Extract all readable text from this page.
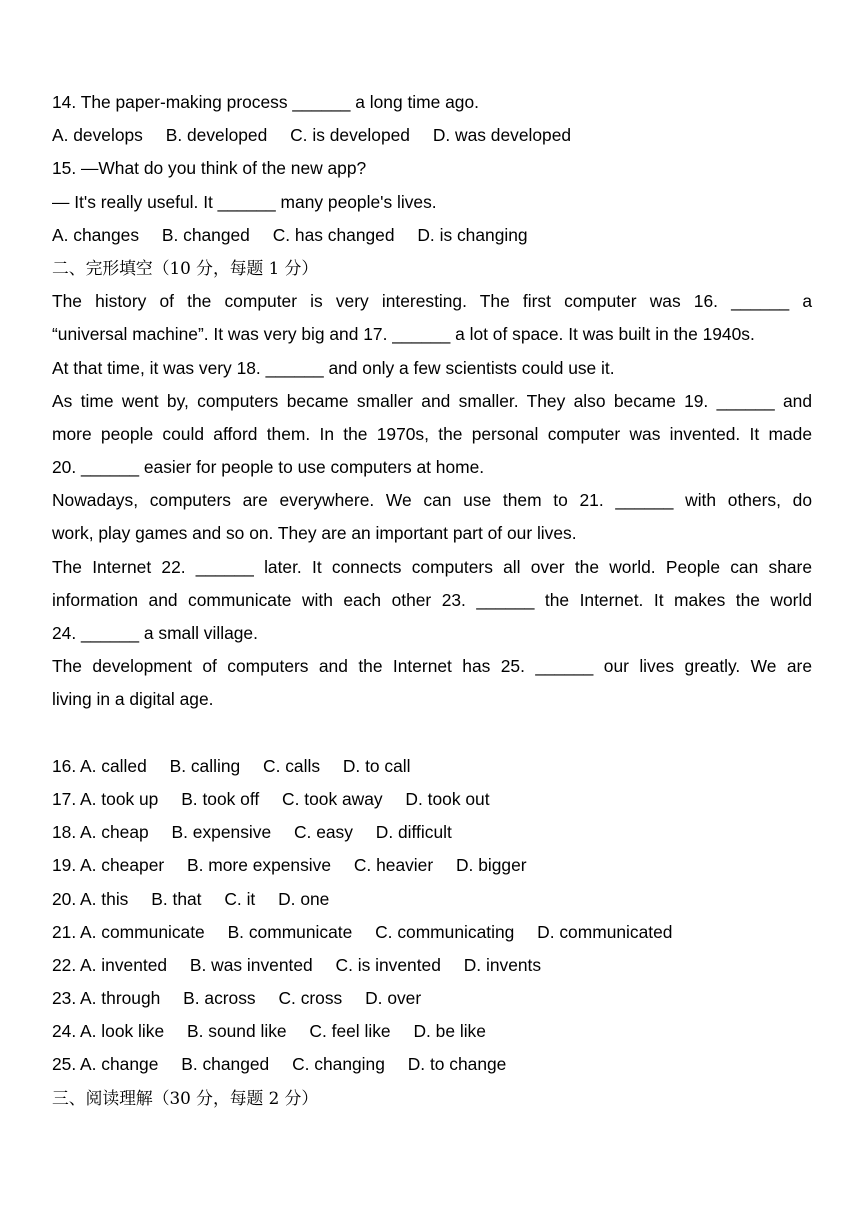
14. The paper-making process ______ a long time ago.
A. develops B. developed C. is developed D. was developed
15. —What do you think of the new app?
— It's really useful. It ______ many people's lives.
A. changes B. changed C. has changed D. is changing
二、完形填空（10 分，每题 1 分）
The history of the computer is very interesting. The first computer was 16. ______ a
“universal machine”. It was very big and 17. ______ a lot of space. It was built in the 1940s.
At that time, it was very 18. ______ and only a few scientists could use it.
As time went by, computers became smaller and smaller. They also became 19. ______ and
more people could afford them. In the 1970s, the personal computer was invented. It made
20. ______ easier for people to use computers at home.
Nowadays, computers are everywhere. We can use them to 21. ______ with others, do
work, play games and so on. They are an important part of our lives.
The Internet 22. ______ later. It connects computers all over the world. People can share
information and communicate with each other 23. ______ the Internet. It makes the world
24. ______ a small village.
The development of computers and the Internet has 25. ______ our lives greatly. We are
living in a digital age.
16. A. called B. calling C. calls D. to call
17. A. took up B. took off C. took away D. took out
18. A. cheap B. expensive C. easy D. difficult
19. A. cheaper B. more expensive C. heavier D. bigger
20. A. this B. that C. it D. one
21. A. communicate B. communicate C. communicating D. communicated
22. A. invented B. was invented C. is invented D. invents
23. A. through B. across C. cross D. over
24. A. look like B. sound like C. feel like D. be like
25. A. change B. changed C. changing D. to change
三、阅读理解（30 分，每题 2 分）
